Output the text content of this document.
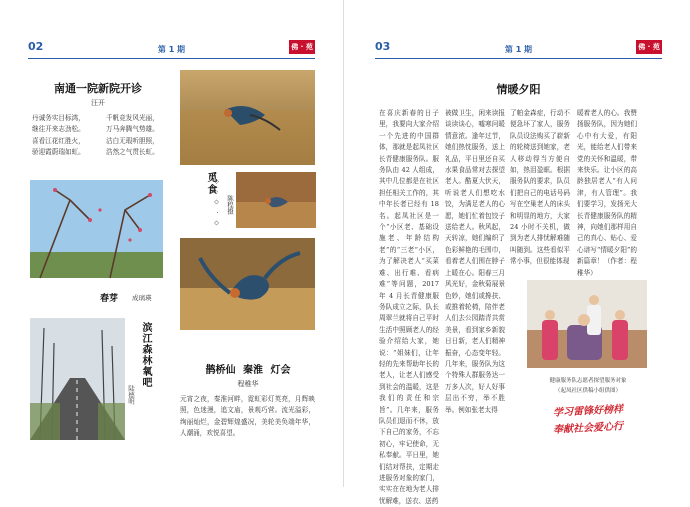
02	第 1 期	佛 · 苑
南通一院新院开诊
汪开
丹诚务实目标鸿，
继往开来志劲松。
喜看江花红胜火，
骄迎霞蔚瑞如虹。
千帆竞发风光丽，
万马奔腾气势雄。
沽白无瑕听胆照，
浩然之气贯长虹。
春芽 成璃瑛
滨江森林氧吧
陆德明
◇ · ◇ · ◇
觅食
陈程摄
鹊桥仙 秦淮 灯会
程稚华
元宵之夜，秦淮河畔，霓虹彩灯英亮，月辉映照，色迷漫，追文庙，景观巧营。流光溢彩，绚丽灿烂，金碧辉煌盛况，美轮美奂端年华，人潮涌，欢悦喜望。
03	第 1 期	佛 · 苑
情暖夕阳
在喜庆新春的日子里，我要向大家介绍一个先进的中国群体，那就是起凤社区长青健康服务队。服务队由 42 人组成，其中几位都是在社区担任相关工作的，其中年长者已经有 18 名。起凤社区是一个“小区老、基础设施老、年龄结构老”的“三老”小区，为了解决老人“买菜难、出行难、看病难”等问题，2017 年 4 月长青健康服务队成立之际，队长周翠兰就将自己平时生活中照顾老人的经验介绍给大家，她说：“姐妹们，让年轻的先来帮助年长的老人，让老人们感受到社会的温暖，这是我们的责任和宗旨”。几年来，服务队员们退而不休，放下自己的家务，不忘初心，牢记使命，无私奉献。平日里，她们结对帮扶，定期走进服务对象的家门，实实在在地为老人排忧解难，送衣、送药
被做卫生，闲来读报谈读谈心，嘘寒问暖情意浓。逢年过节，她们热忱服务，送上礼品，平日里还自买水果食品常对去探望老人。酷夏大伏天，听说老人们想吃水饺，为满足老人的心愿，她们忙着包饺子送给老人。秋风起，天转凉，她们编织了色彩鲜艳的毛围巾，看着老人们围在脖子上暖在心。阳春三月风光好，金秋菊展景色妙，她们或搀扶、或推着轮椅，陪伴老人们去公园踏青共赏美景，看到家乡新貌日日新，老人们精神振奋，心态变年轻。几年来，服务队为这个特殊人群服务达一万多人次，好人好事层出不穷，举不胜举。例如张老太得
了帕金森症，行动不便急坏了家人，服务队员设法购买了崭新的轮椅送到她家，老人移动得当方便自如，热泪盈眶。根据服务队的要求，队员们把自己的电话号码写在空巢老人的床头和明显的地方，大家 24 小时不关机，做到为老人排忧解难随叫随到。这些看似平常小事，但很能体现
暖着老人的心。我赞扬服务队，因为她们心中有大爱，有阳光，能给老人们带来党的关怀和温暖，带来快乐。让小区的高龄独居老人“有人问津，有人管理”。我们要学习，发扬光大长青健康服务队的精神，向她们那样用自己的真心、贴心、爱心谱写“情暖夕阳”的新篇章！（作者：程稚华）
健康服务队志愿者探望服务对象
（起凤社区供稿小组供图）
学习雷锋好榜样
奉献社会爱心行
